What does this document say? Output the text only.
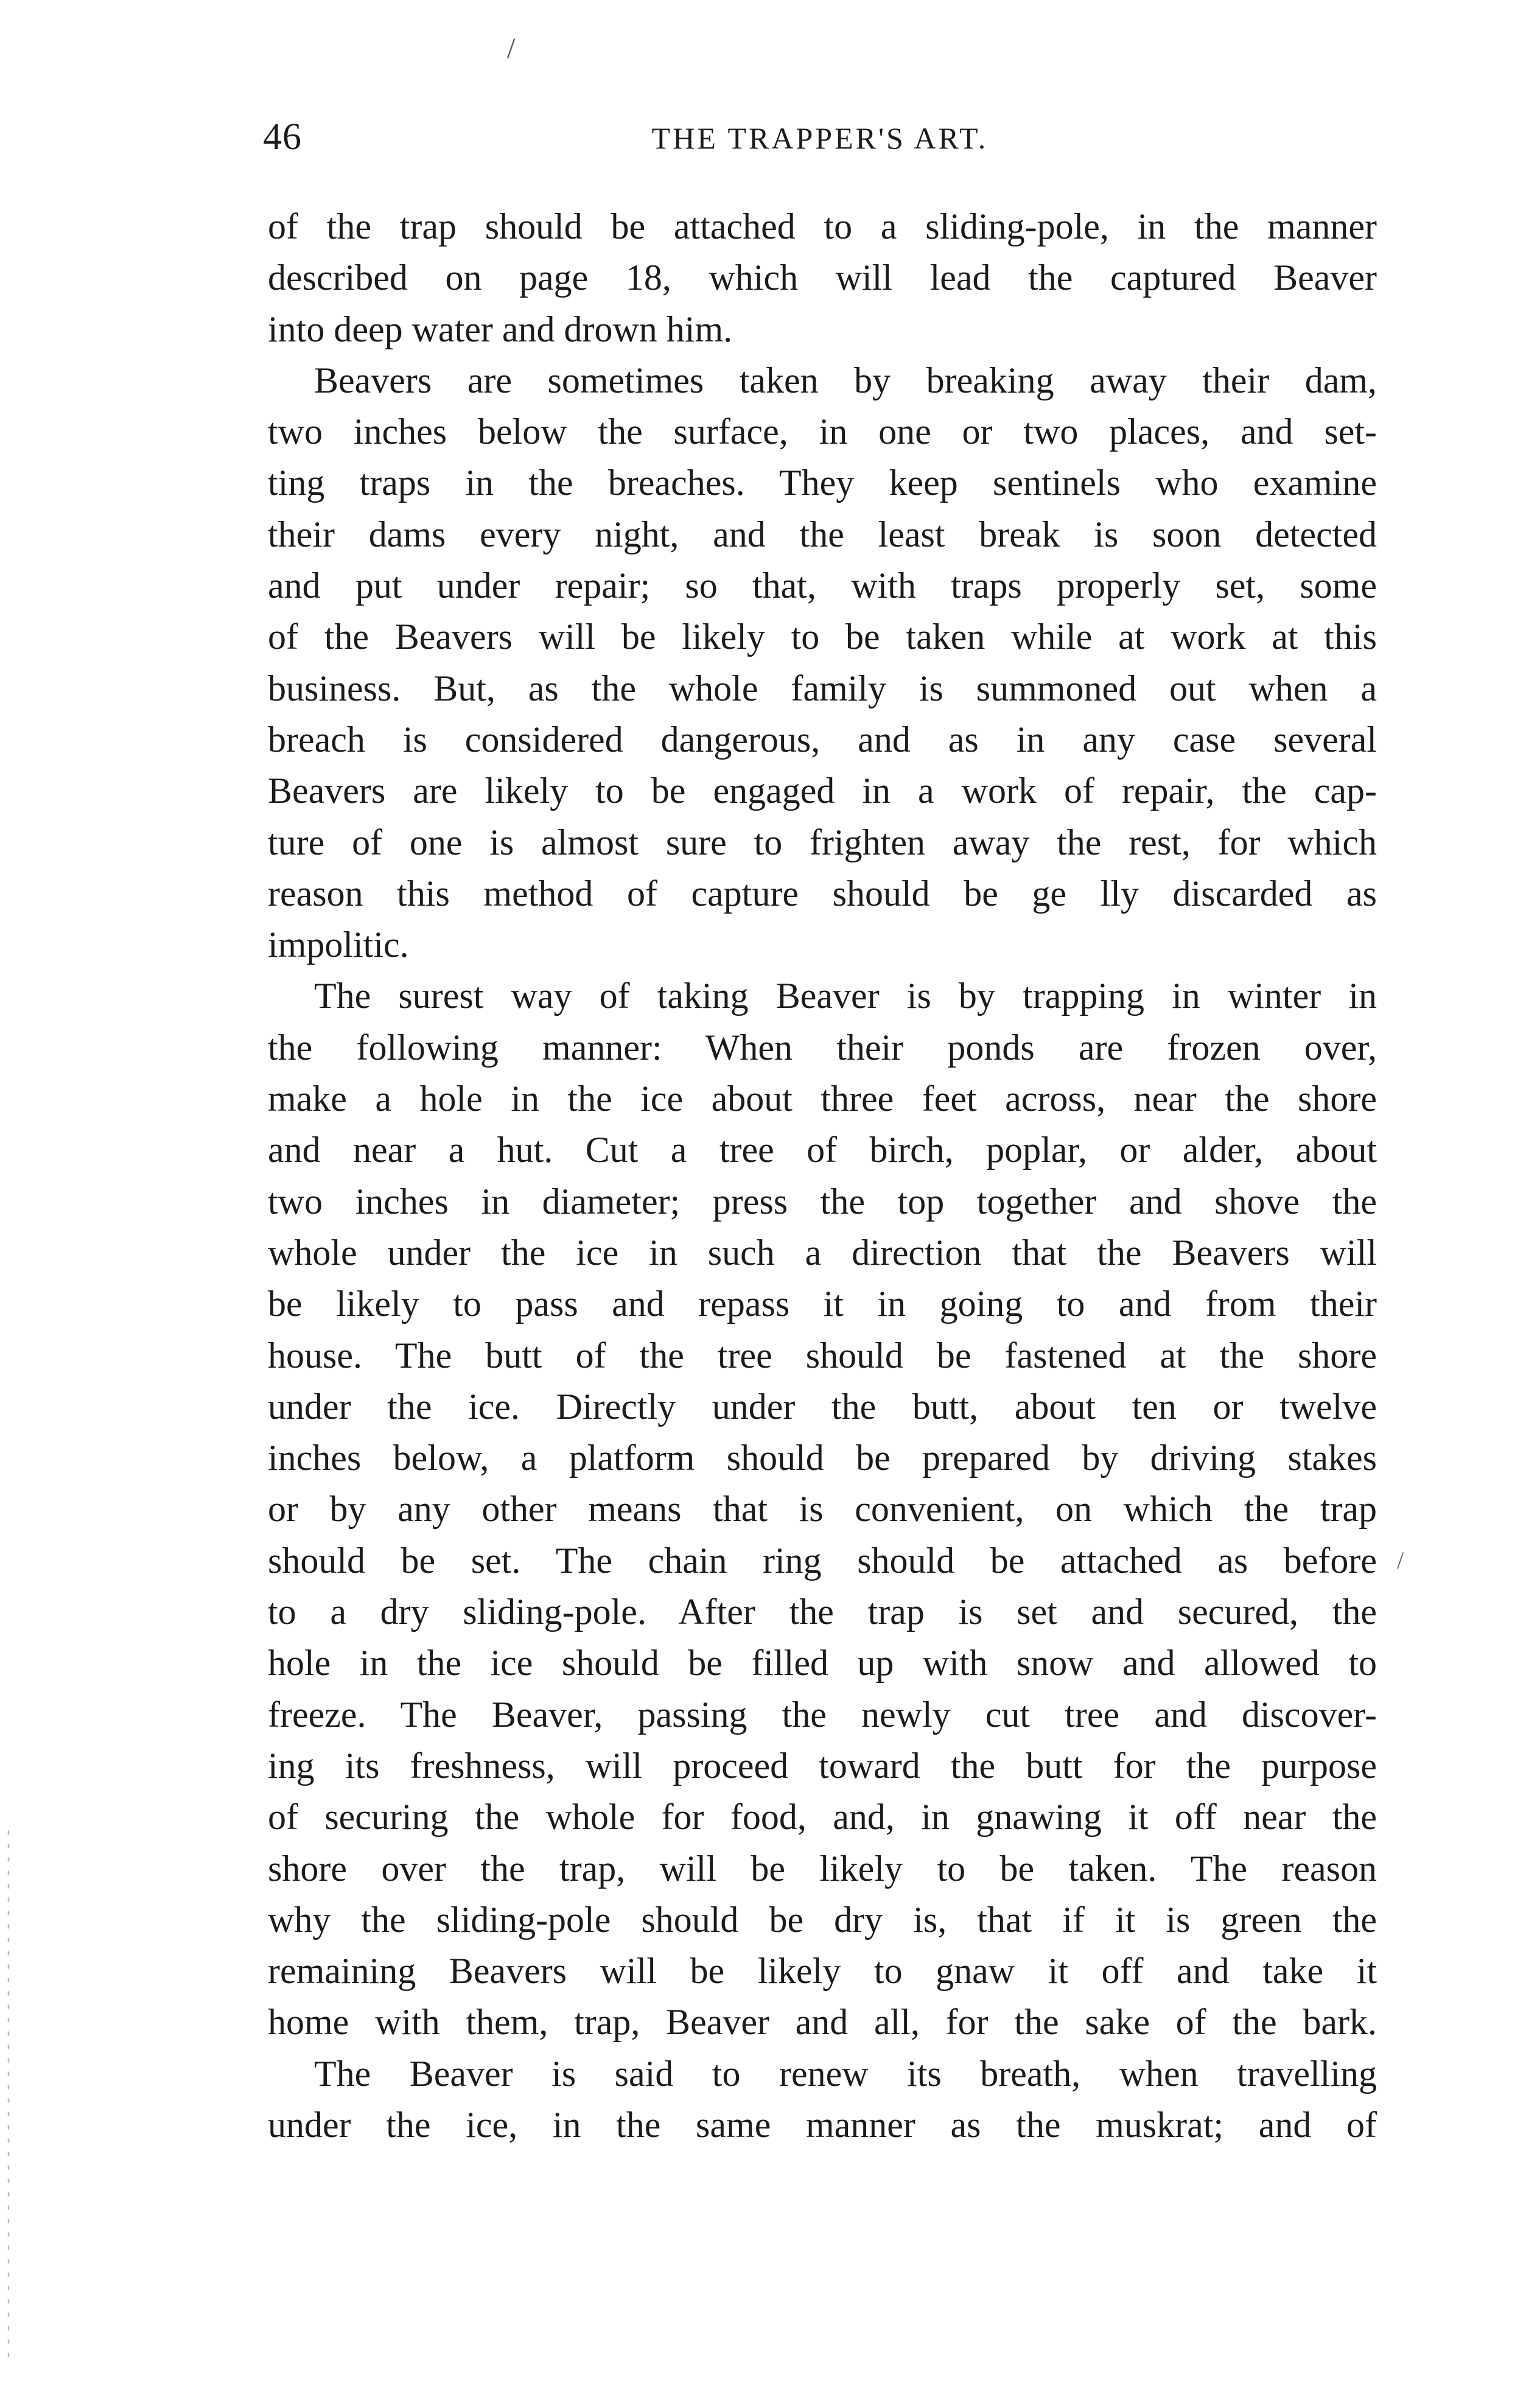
/
46	THE TRAPPER'S ART.
of the trap should be attached to a sliding-pole, in the manner
described on page 18, which will lead the captured Beaver
into deep water and drown him.
Beavers are sometimes taken by breaking away their dam,
two inches below the surface, in one or two places, and set-
ting traps in the breaches. They keep sentinels who examine
their dams every night, and the least break is soon detected
and put under repair; so that, with traps properly set, some
of the Beavers will be likely to be taken while at work at this
business. But, as the whole family is summoned out when a
breach is considered dangerous, and as in any case several
Beavers are likely to be engaged in a work of repair, the cap-
ture of one is almost sure to frighten away the rest, for which
reason this method of capture should be ge lly discarded as
impolitic.
The surest way of taking Beaver is by trapping in winter in
the following manner: When their ponds are frozen over,
make a hole in the ice about three feet across, near the shore
and near a hut. Cut a tree of birch, poplar, or alder, about
two inches in diameter; press the top together and shove the
whole under the ice in such a direction that the Beavers will
be likely to pass and repass it in going to and from their
house. The butt of the tree should be fastened at the shore
under the ice. Directly under the butt, about ten or twelve
inches below, a platform should be prepared by driving stakes
or by any other means that is convenient, on which the trap
should be set. The chain ring should be attached as before
to a dry sliding-pole. After the trap is set and secured, the
hole in the ice should be filled up with snow and allowed to
freeze. The Beaver, passing the newly cut tree and discover-
ing its freshness, will proceed toward the butt for the purpose
of securing the whole for food, and, in gnawing it off near the
shore over the trap, will be likely to be taken. The reason
why the sliding-pole should be dry is, that if it is green the
remaining Beavers will be likely to gnaw it off and take it
home with them, trap, Beaver and all, for the sake of the bark.
The Beaver is said to renew its breath, when travelling
under the ice, in the same manner as the muskrat; and of
/
